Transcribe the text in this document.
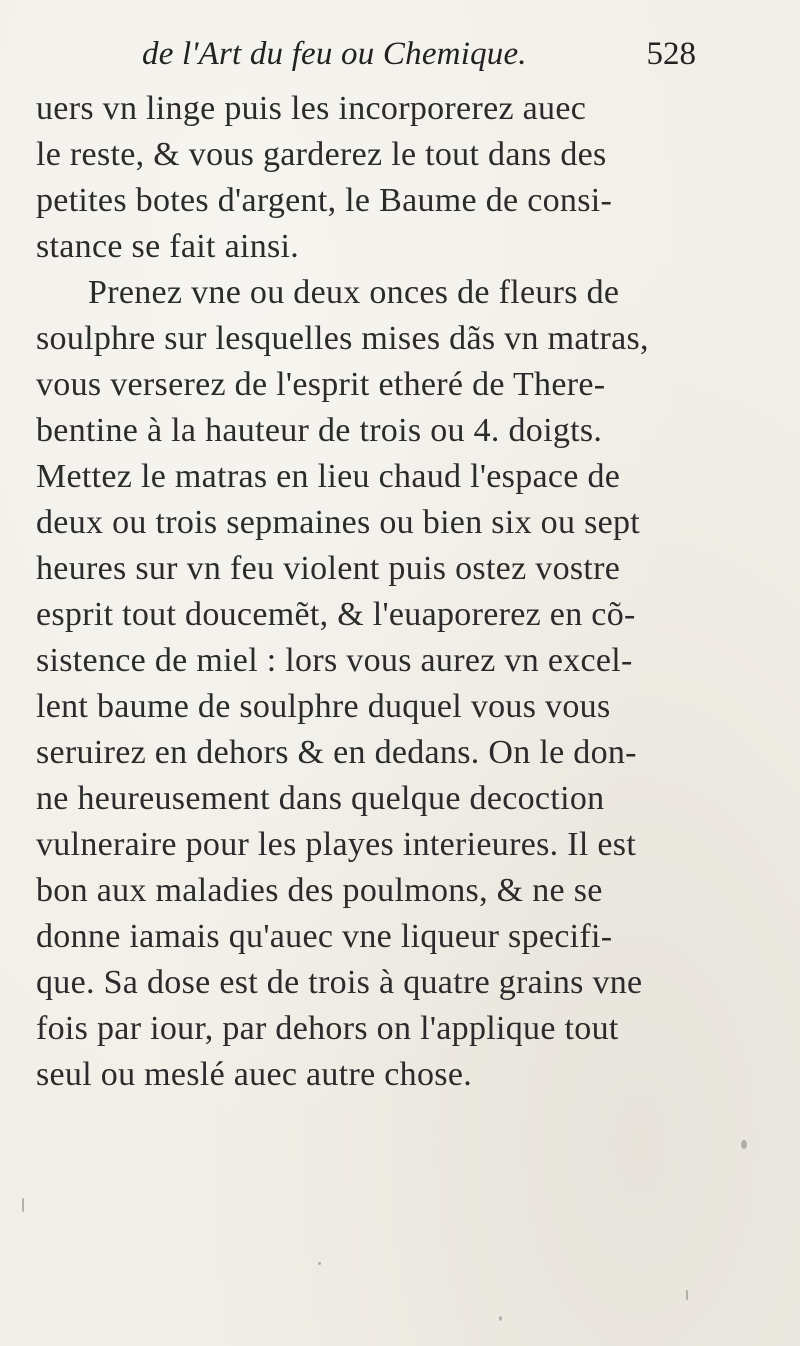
de l'Art du feu ou Chemique.	528
uers vn linge puis les incorporerez auec
le reste, & vous garderez le tout dans des
petites botes d'argent, le Baume de consi-
stance se fait ainsi.
Prenez vne ou deux onces de fleurs de
soulphre sur lesquelles mises dãs vn matras,
vous verserez de l'esprit etheré de There-
bentine à la hauteur de trois ou 4. doigts.
Mettez le matras en lieu chaud l'espace de
deux ou trois sepmaines ou bien six ou sept
heures sur vn feu violent puis ostez vostre
esprit tout doucemẽt, & l'euaporerez en cõ-
sistence de miel : lors vous aurez vn excel-
lent baume de soulphre duquel vous vous
seruirez en dehors & en dedans. On le don-
ne heureusement dans quelque decoction
vulneraire pour les playes interieures. Il est
bon aux maladies des poulmons, & ne se
donne iamais qu'auec vne liqueur specifi-
que. Sa dose est de trois à quatre grains vne
fois par iour, par dehors on l'applique tout
seul ou meslé auec autre chose.
